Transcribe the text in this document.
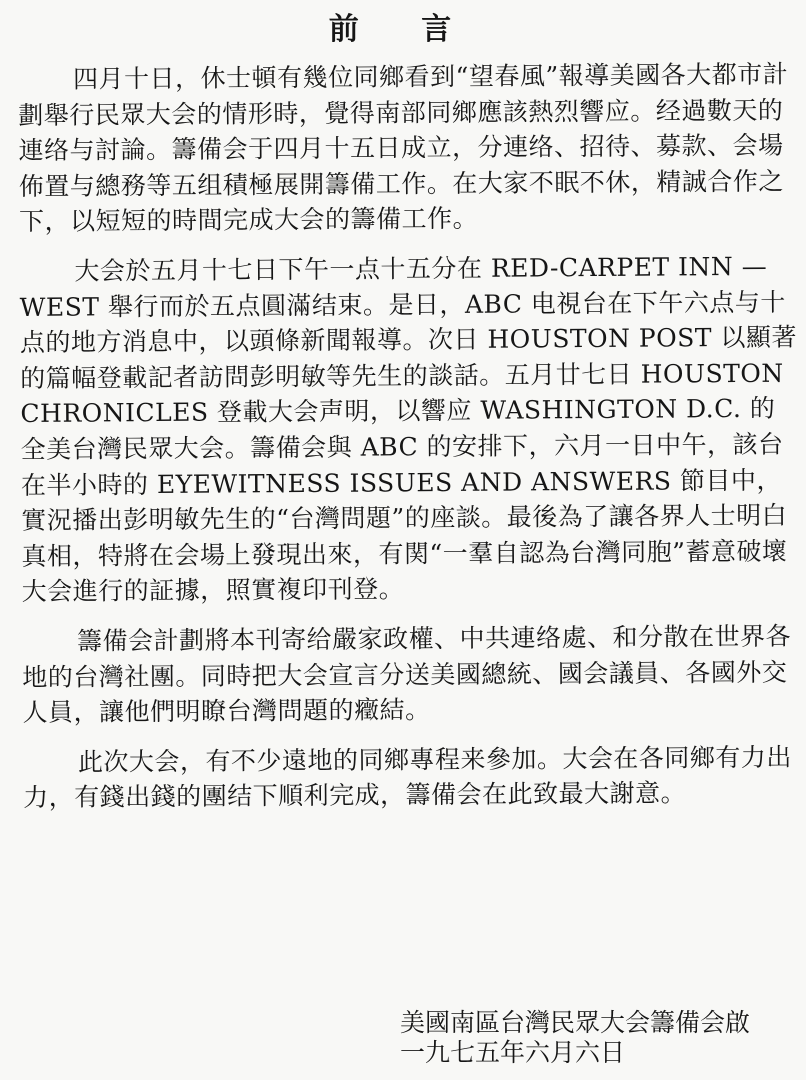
前 言

四月十日，休士頓有幾位同鄉看到“望春風”報導美國各大都市計劃舉行民眾大会的情形時，覺得南部同鄉應該熱烈響应。经過數天的連络与討論。籌備会于四月十五日成立，分連络、招待、募款、会場佈置与總務等五组積極展開籌備工作。在大家不眠不休，精誠合作之下，以短短的時間完成大会的籌備工作。

大会於五月十七日下午一点十五分在 RED-CARPET INN — WEST 舉行而於五点圓滿结束。是日，ABC 电視台在下午六点与十点的地方消息中，以頭條新聞報導。次日 HOUSTON POST 以顯著的篇幅登載記者訪問彭明敏等先生的談話。五月廿七日 HOUSTON CHRONICLES 登載大会声明，以響应 WASHINGTON D.C. 的全美台灣民眾大会。籌備会與 ABC 的安排下，六月一日中午，該台在半小時的 EYEWITNESS ISSUES AND ANSWERS 節目中，實況播出彭明敏先生的“台灣問題”的座談。最後為了讓各界人士明白真相，特將在会場上發現出來，有関“一羣自認為台灣同胞”蓄意破壞大会進行的証據，照實複印刊登。

籌備会計劃將本刊寄给嚴家政權、中共連络處、和分散在世界各地的台灣社團。同時把大会宣言分送美國總統、國会議員、各國外交人員，讓他們明瞭台灣問題的癥結。

此次大会，有不少遠地的同鄉專程来參加。大会在各同鄉有力出力，有錢出錢的團结下順利完成，籌備会在此致最大謝意。

美國南區台灣民眾大会籌備会啟
一九七五年六月六日
